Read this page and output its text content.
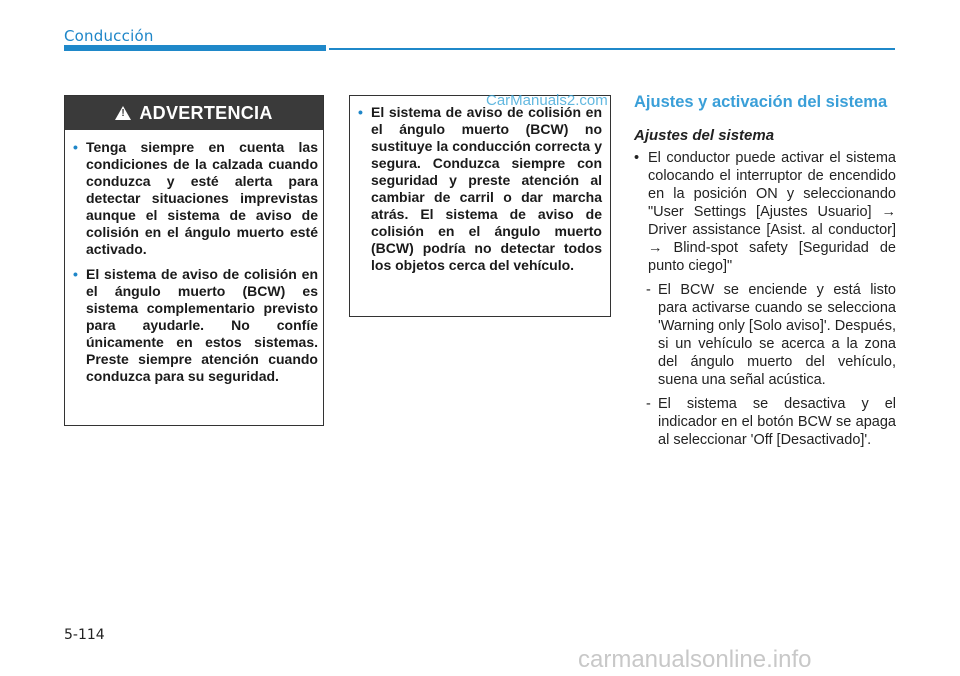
Conducción
! ADVERTENCIA
• Tenga siempre en cuenta las condiciones de la calzada cuando conduzca y esté alerta para detectar situaciones imprevistas aunque el sistema de aviso de colisión en el ángulo muerto esté activado.
• El sistema de aviso de colisión en el ángulo muerto (BCW) es sistema complementario previsto para ayudarle. No confíe únicamente en estos sistemas. Preste siempre atención cuando conduzca para su seguridad.
• El sistema de aviso de colisión en el ángulo muerto (BCW) no sustituye la conducción correcta y segura. Conduzca siempre con seguridad y preste atención al cambiar de carril o dar marcha atrás. El sistema de aviso de colisión en el ángulo muerto (BCW) podría no detectar todos los objetos cerca del vehículo.
CarManuals2.com Ajustes y activación del sistema
Ajustes del sistema
• El conductor puede activar el sistema colocando el interruptor de encendido en la posición ON y seleccionando "User Settings [Ajustes Usuario] → Driver assistance [Asist. al conductor] → Blind-spot safety [Seguridad de punto ciego]"
- El BCW se enciende y está listo para activarse cuando se selecciona 'Warning only [Solo aviso]'. Después, si un vehículo se acerca a la zona del ángulo muerto del vehículo, suena una señal acústica.
- El sistema se desactiva y el indicador en el botón BCW se apaga al seleccionar 'Off [Desactivado]'.
5-114
carmanualsonline.info
